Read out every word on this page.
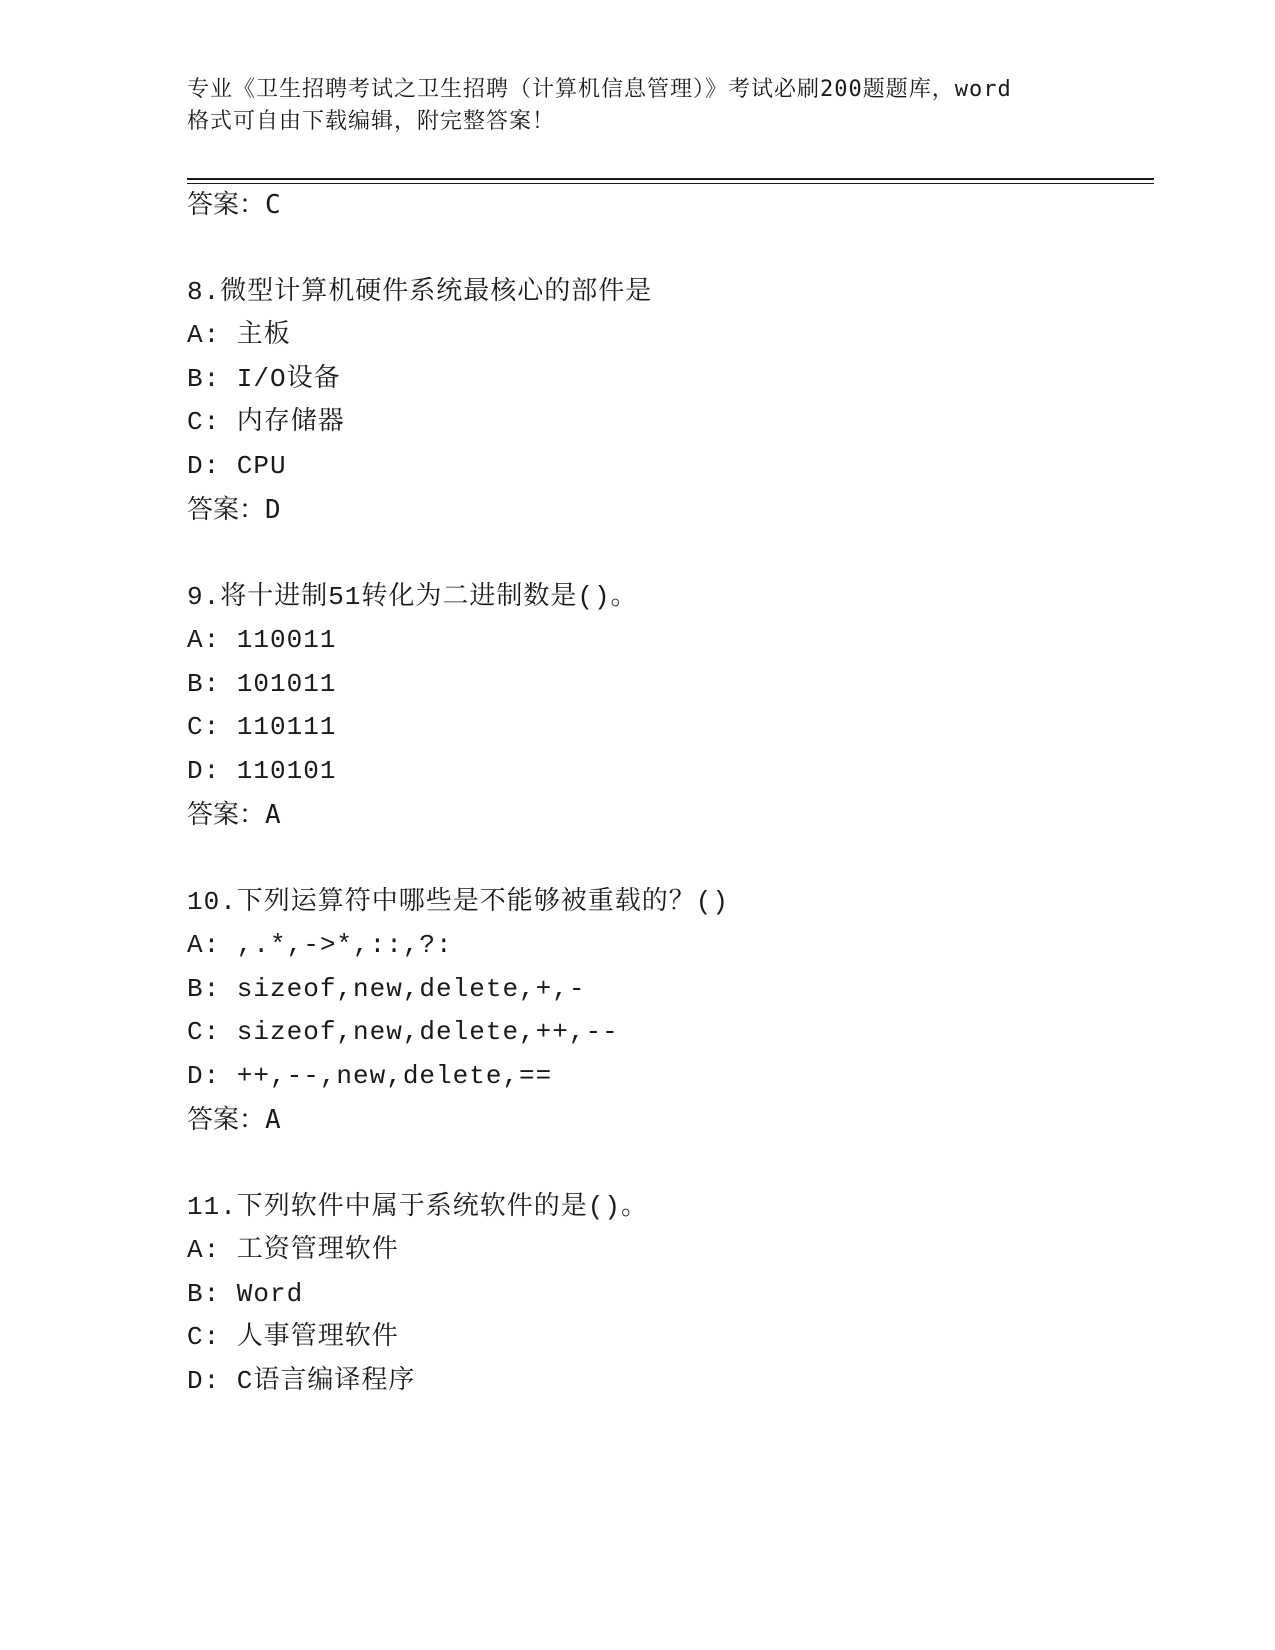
专业《卫生招聘考试之卫生招聘（计算机信息管理）》考试必刷200题题库，word
格式可自由下载编辑，附完整答案！
答案：C
8.微型计算机硬件系统最核心的部件是
A: 主板
B: I/O设备
C: 内存储器
D: CPU
答案：D
9.将十进制51转化为二进制数是()。
A: 110011
B: 101011
C: 110111
D: 110101
答案：A
10.下列运算符中哪些是不能够被重载的？()
A: ,.*,->*,::,?:
B: sizeof,new,delete,+,-
C: sizeof,new,delete,++,--
D: ++,--,new,delete,==
答案：A
11.下列软件中属于系统软件的是()。
A: 工资管理软件
B: Word
C: 人事管理软件
D: C语言编译程序
